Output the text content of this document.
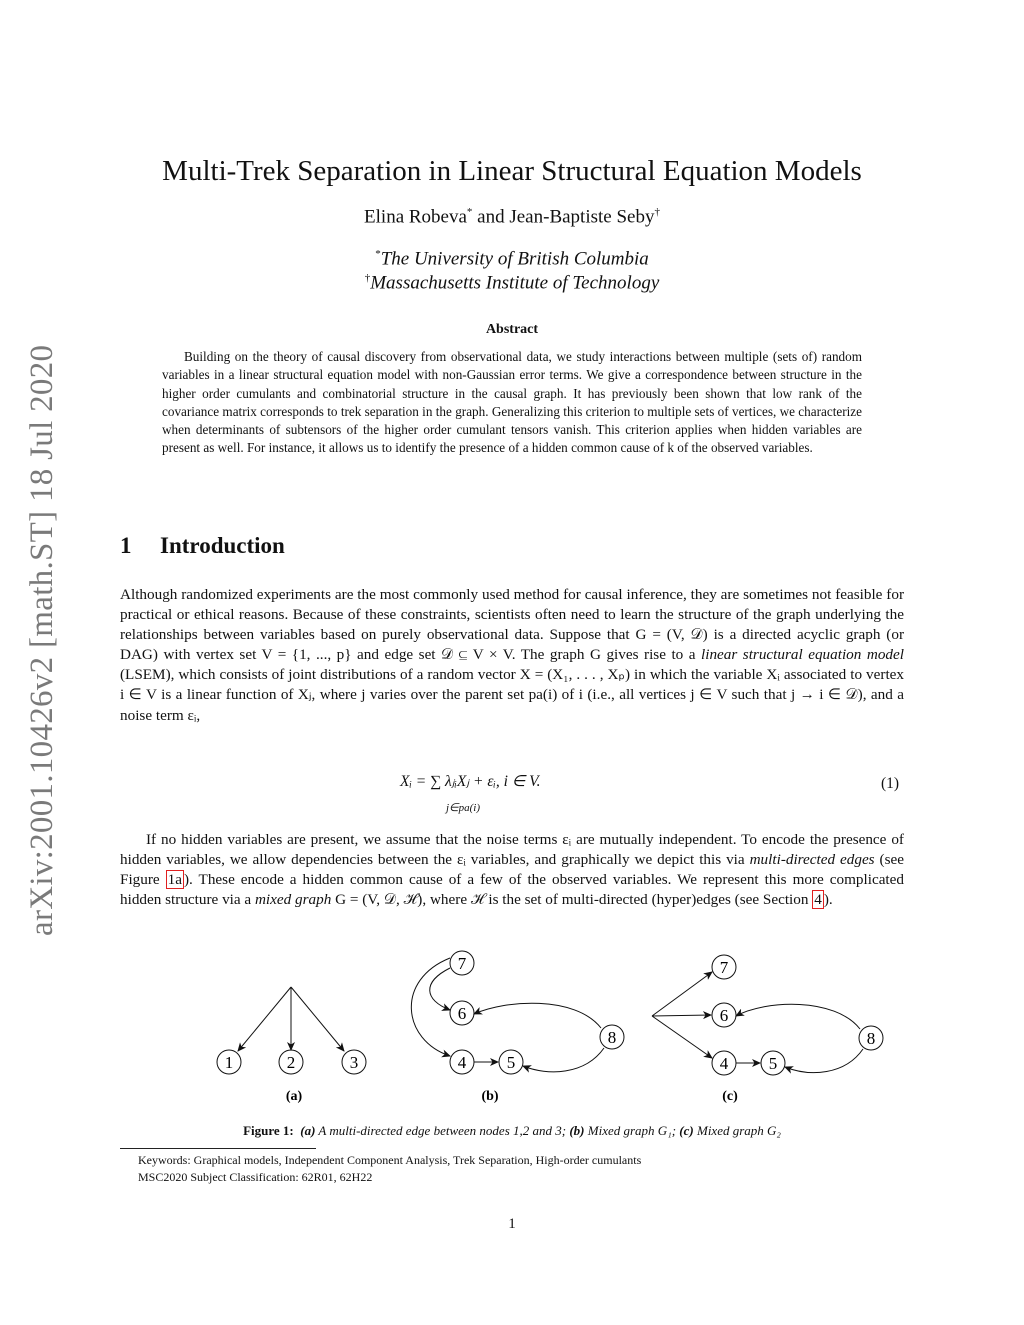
arXiv:2001.10426v2 [math.ST] 18 Jul 2020
Multi-Trek Separation in Linear Structural Equation Models
Elina Robeva* and Jean-Baptiste Seby†
*The University of British Columbia
†Massachusetts Institute of Technology
Abstract
Building on the theory of causal discovery from observational data, we study interactions between multiple (sets of) random variables in a linear structural equation model with non-Gaussian error terms. We give a correspondence between structure in the higher order cumulants and combinatorial structure in the causal graph. It has previously been shown that low rank of the covariance matrix corresponds to trek separation in the graph. Generalizing this criterion to multiple sets of vertices, we characterize when determinants of subtensors of the higher order cumulant tensors vanish. This criterion applies when hidden variables are present as well. For instance, it allows us to identify the presence of a hidden common cause of k of the observed variables.
1 Introduction
Although randomized experiments are the most commonly used method for causal inference, they are sometimes not feasible for practical or ethical reasons. Because of these constraints, scientists often need to learn the structure of the graph underlying the relationships between variables based on purely observational data. Suppose that G = (V, 𝒟) is a directed acyclic graph (or DAG) with vertex set V = {1, ..., p} and edge set 𝒟 ⊆ V × V. The graph G gives rise to a linear structural equation model (LSEM), which consists of joint distributions of a random vector X = (X₁, . . . , Xₚ) in which the variable Xᵢ associated to vertex i ∈ V is a linear function of Xⱼ, where j varies over the parent set pa(i) of i (i.e., all vertices j ∈ V such that j → i ∈ 𝒟), and a noise term εᵢ,
Xᵢ = ∑ λⱼᵢXⱼ + εᵢ, i ∈ V.
j∈pa(i)
(1)
If no hidden variables are present, we assume that the noise terms εᵢ are mutually independent. To encode the presence of hidden variables, we allow dependencies between the εᵢ variables, and graphically we depict this via multi-directed edges (see Figure 1a ). These encode a hidden common cause of a few of the observed variables. We represent this more complicated hidden structure via a mixed graph G = (V, 𝒟, ℋ), where ℋ is the set of multi-directed (hyper)edges (see Section 4 ).
1	2	3
(a)
7
6
4 5
8
(b)
7
6
4 5
8
(c)
Figure 1: (a) A multi-directed edge between nodes 1,2 and 3; (b) Mixed graph G₁; (c) Mixed graph G₂
Keywords: Graphical models, Independent Component Analysis, Trek Separation, High-order cumulants
MSC2020 Subject Classification: 62R01, 62H22
1
